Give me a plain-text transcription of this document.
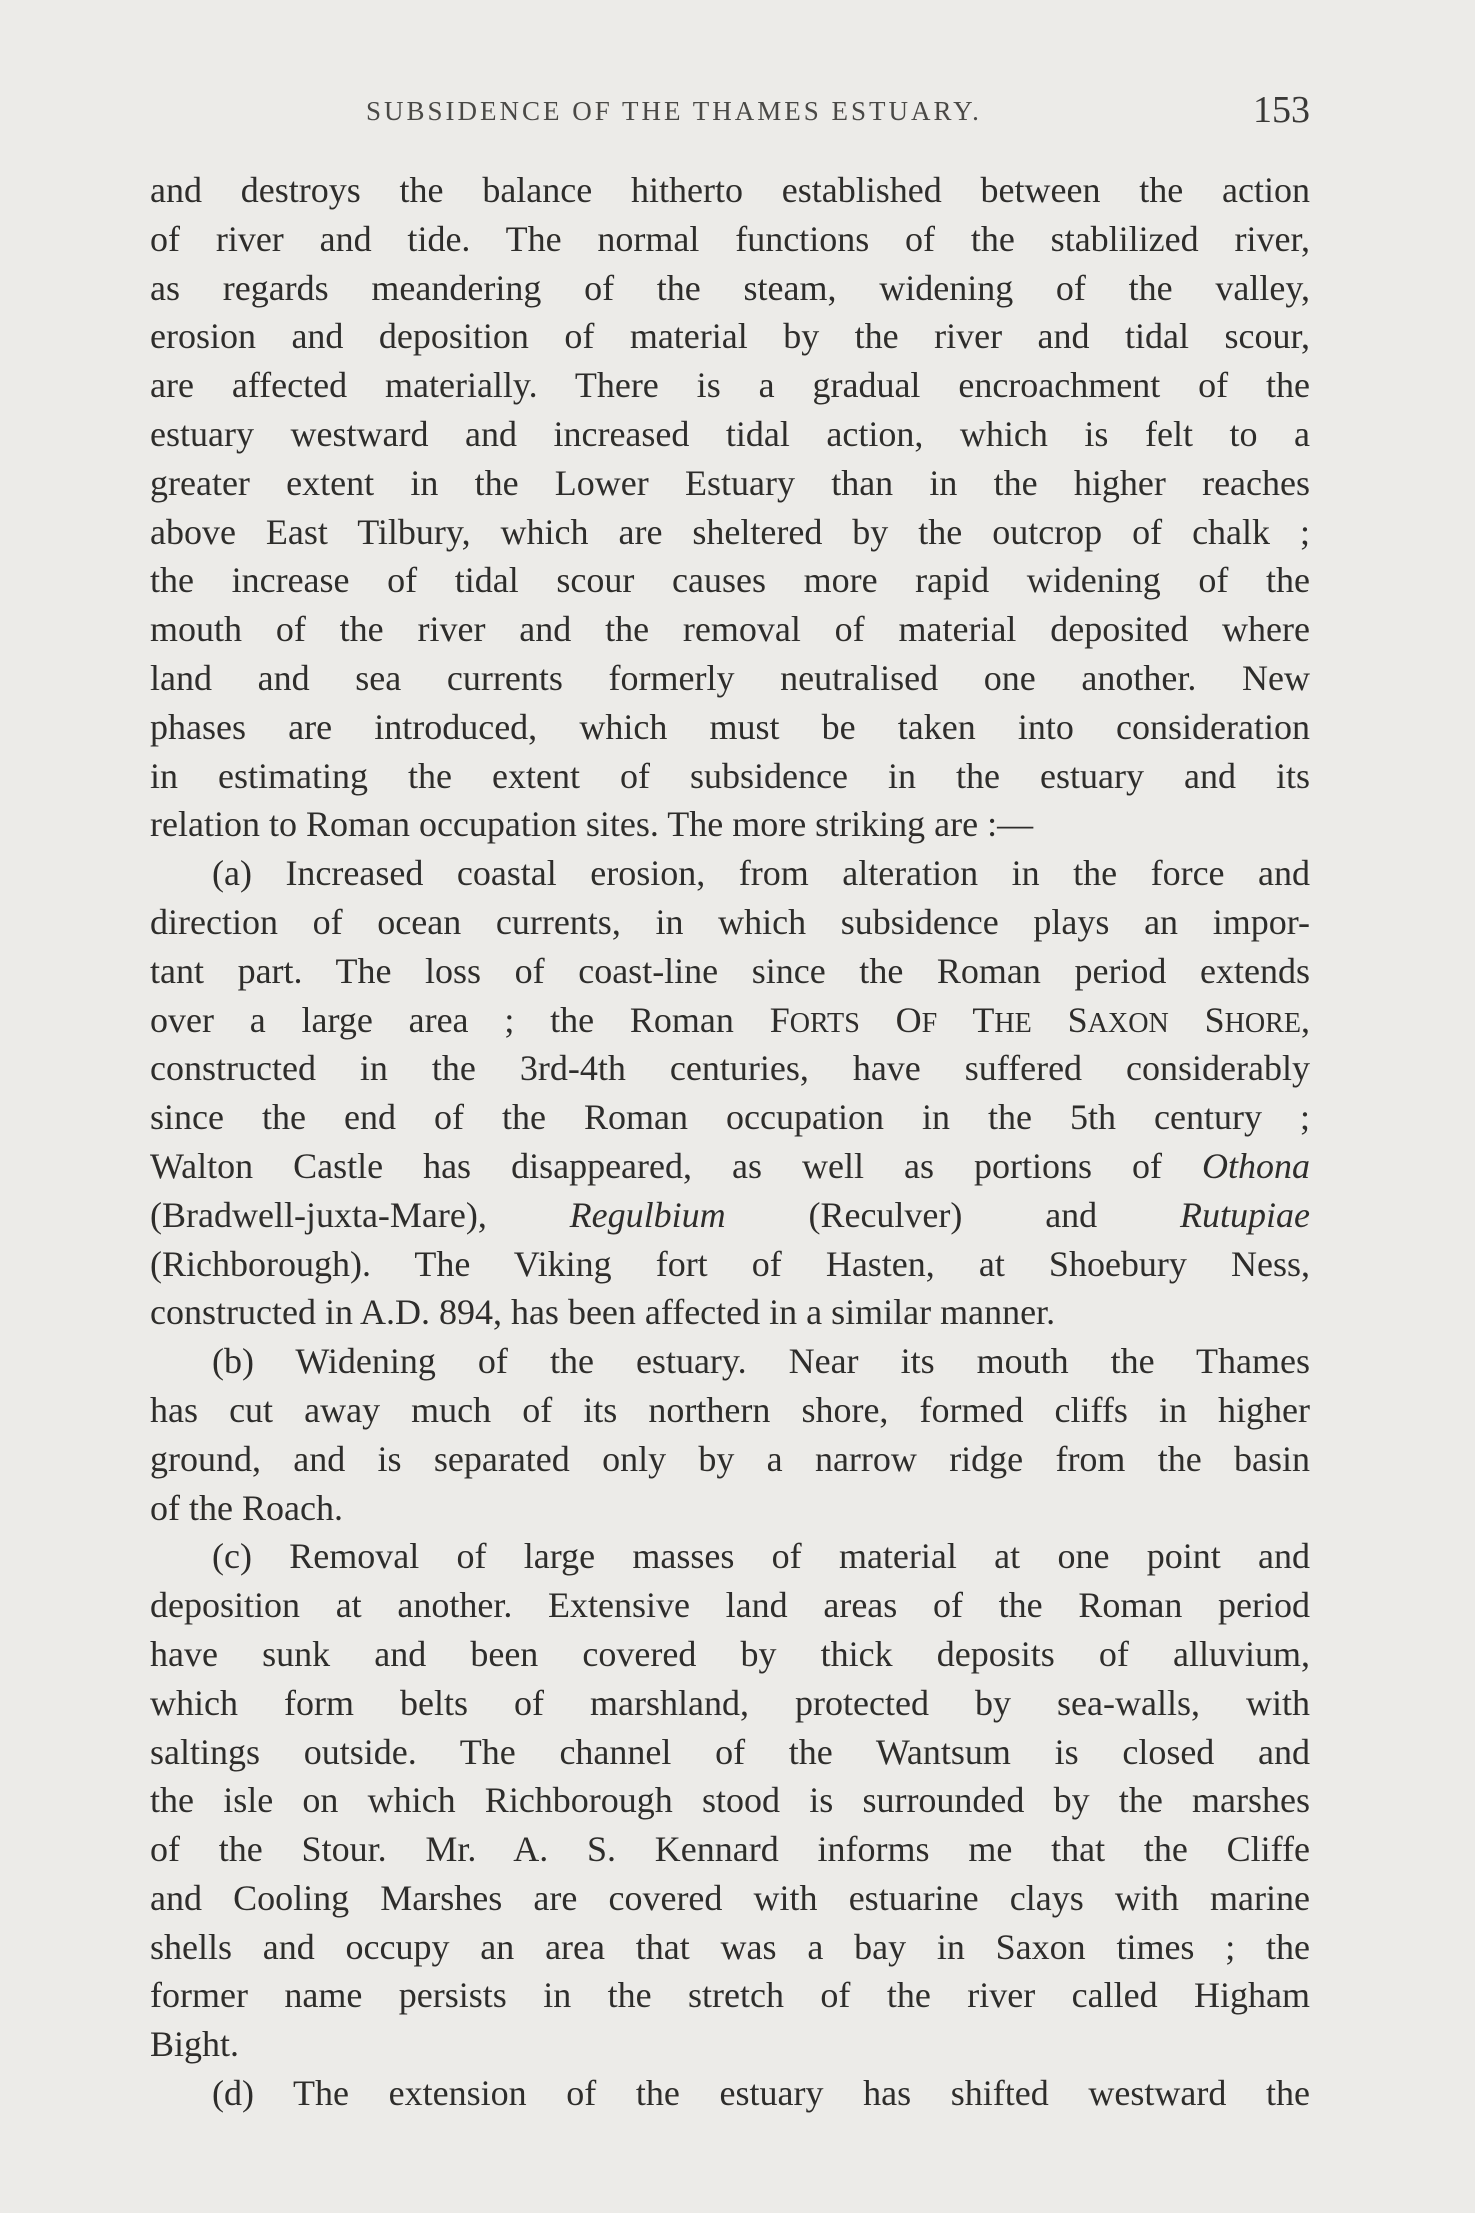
SUBSIDENCE OF THE THAMES ESTUARY.	153
and destroys the balance hitherto established between the action
of river and tide. The normal functions of the stablilized river,
as regards meandering of the steam, widening of the valley,
erosion and deposition of material by the river and tidal scour,
are affected materially. There is a gradual encroachment of the
estuary westward and increased tidal action, which is felt to a
greater extent in the Lower Estuary than in the higher reaches
above East Tilbury, which are sheltered by the outcrop of chalk ;
the increase of tidal scour causes more rapid widening of the
mouth of the river and the removal of material deposited where
land and sea currents formerly neutralised one another. New
phases are introduced, which must be taken into consideration
in estimating the extent of subsidence in the estuary and its
relation to Roman occupation sites. The more striking are :—
(a) Increased coastal erosion, from alteration in the force and
direction of ocean currents, in which subsidence plays an impor-
tant part. The loss of coast-line since the Roman period extends
over a large area ; the Roman FORTS OF THE SAXON SHORE,
constructed in the 3rd-4th centuries, have suffered considerably
since the end of the Roman occupation in the 5th century ;
Walton Castle has disappeared, as well as portions of Othona
(Bradwell-juxta-Mare), Regulbium (Reculver) and Rutupiae
(Richborough). The Viking fort of Hasten, at Shoebury Ness,
constructed in A.D. 894, has been affected in a similar manner.
(b) Widening of the estuary. Near its mouth the Thames
has cut away much of its northern shore, formed cliffs in higher
ground, and is separated only by a narrow ridge from the basin
of the Roach.
(c) Removal of large masses of material at one point and
deposition at another. Extensive land areas of the Roman period
have sunk and been covered by thick deposits of alluvium,
which form belts of marshland, protected by sea-walls, with
saltings outside. The channel of the Wantsum is closed and
the isle on which Richborough stood is surrounded by the marshes
of the Stour. Mr. A. S. Kennard informs me that the Cliffe
and Cooling Marshes are covered with estuarine clays with marine
shells and occupy an area that was a bay in Saxon times ; the
former name persists in the stretch of the river called Higham
Bight.
(d) The extension of the estuary has shifted westward the
